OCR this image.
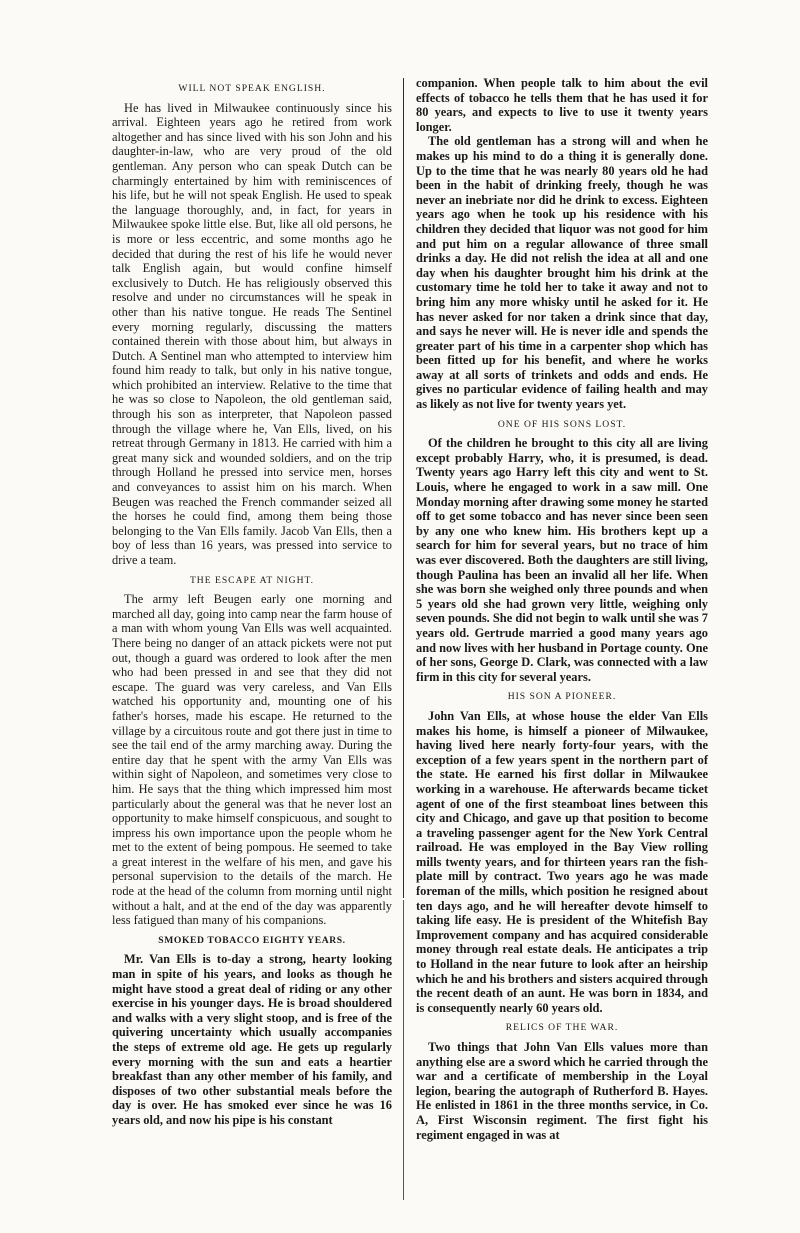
WILL NOT SPEAK ENGLISH.

He has lived in Milwaukee continuously since his arrival. Eighteen years ago he retired from work altogether and has since lived with his son John and his daughter-in-law, who are very proud of the old gentleman. Any person who can speak Dutch can be charmingly entertained by him with reminiscences of his life, but he will not speak English. He used to speak the language thoroughly, and, in fact, for years in Milwaukee spoke little else. But, like all old persons, he is more or less eccentric, and some months ago he decided that during the rest of his life he would never talk English again, but would confine himself exclusively to Dutch. He has religiously observed this resolve and under no circumstances will he speak in other than his native tongue. He reads The Sentinel every morning regularly, discussing the matters contained therein with those about him, but always in Dutch. A Sentinel man who attempted to interview him found him ready to talk, but only in his native tongue, which prohibited an interview. Relative to the time that he was so close to Napoleon, the old gentleman said, through his son as interpreter, that Napoleon passed through the village where he, Van Ells, lived, on his retreat through Germany in 1813. He carried with him a great many sick and wounded soldiers, and on the trip through Holland he pressed into service men, horses and conveyances to assist him on his march. When Beugen was reached the French commander seized all the horses he could find, among them being those belonging to the Van Ells family. Jacob Van Ells, then a boy of less than 16 years, was pressed into service to drive a team.

THE ESCAPE AT NIGHT.

The army left Beugen early one morning and marched all day, going into camp near the farm house of a man with whom young Van Ells was well acquainted. There being no danger of an attack pickets were not put out, though a guard was ordered to look after the men who had been pressed in and see that they did not escape. The guard was very careless, and Van Ells watched his opportunity and, mounting one of his father's horses, made his escape. He returned to the village by a circuitous route and got there just in time to see the tail end of the army marching away. During the entire day that he spent with the army Van Ells was within sight of Napoleon, and sometimes very close to him. He says that the thing which impressed him most particularly about the general was that he never lost an opportunity to make himself conspicuous, and sought to impress his own importance upon the people whom he met to the extent of being pompous. He seemed to take a great interest in the welfare of his men, and gave his personal supervision to the details of the march. He rode at the head of the column from morning until night without a halt, and at the end of the day was apparently less fatigued than many of his companions.

SMOKED TOBACCO EIGHTY YEARS.

Mr. Van Ells is to-day a strong, hearty looking man in spite of his years, and looks as though he might have stood a great deal of riding or any other exercise in his younger days. He is broad shouldered and walks with a very slight stoop, and is free of the quivering uncertainty which usually accompanies the steps of extreme old age. He gets up regularly every morning with the sun and eats a heartier breakfast than any other member of his family, and disposes of two other substantial meals before the day is over. He has smoked ever since he was 16 years old, and now his pipe is his constant

companion. When people talk to him about the evil effects of tobacco he tells them that he has used it for 80 years, and expects to live to use it twenty years longer.

The old gentleman has a strong will and when he makes up his mind to do a thing it is generally done. Up to the time that he was nearly 80 years old he had been in the habit of drinking freely, though he was never an inebriate nor did he drink to excess. Eighteen years ago when he took up his residence with his children they decided that liquor was not good for him and put him on a regular allowance of three small drinks a day. He did not relish the idea at all and one day when his daughter brought him his drink at the customary time he told her to take it away and not to bring him any more whisky until he asked for it. He has never asked for nor taken a drink since that day, and says he never will. He is never idle and spends the greater part of his time in a carpenter shop which has been fitted up for his benefit, and where he works away at all sorts of trinkets and odds and ends. He gives no particular evidence of failing health and may as likely as not live for twenty years yet.

ONE OF HIS SONS LOST.

Of the children he brought to this city all are living except probably Harry, who, it is presumed, is dead. Twenty years ago Harry left this city and went to St. Louis, where he engaged to work in a saw mill. One Monday morning after drawing some money he started off to get some tobacco and has never since been seen by any one who knew him. His brothers kept up a search for him for several years, but no trace of him was ever discovered. Both the daughters are still living, though Paulina has been an invalid all her life. When she was born she weighed only three pounds and when 5 years old she had grown very little, weighing only seven pounds. She did not begin to walk until she was 7 years old. Gertrude married a good many years ago and now lives with her husband in Portage county. One of her sons, George D. Clark, was connected with a law firm in this city for several years.

HIS SON A PIONEER.

John Van Ells, at whose house the elder Van Ells makes his home, is himself a pioneer of Milwaukee, having lived here nearly forty-four years, with the exception of a few years spent in the northern part of the state. He earned his first dollar in Milwaukee working in a warehouse. He afterwards became ticket agent of one of the first steamboat lines between this city and Chicago, and gave up that position to become a traveling passenger agent for the New York Central railroad. He was employed in the Bay View rolling mills twenty years, and for thirteen years ran the fish-plate mill by contract. Two years ago he was made foreman of the mills, which position he resigned about ten days ago, and he will hereafter devote himself to taking life easy. He is president of the Whitefish Bay Improvement company and has acquired considerable money through real estate deals. He anticipates a trip to Holland in the near future to look after an heirship which he and his brothers and sisters acquired through the recent death of an aunt. He was born in 1834, and is consequently nearly 60 years old.

RELICS OF THE WAR.

Two things that John Van Ells values more than anything else are a sword which he carried through the war and a certificate of membership in the Loyal legion, bearing the autograph of Rutherford B. Hayes. He enlisted in 1861 in the three months service, in Co. A, First Wisconsin regiment. The first fight his regiment engaged in was at
